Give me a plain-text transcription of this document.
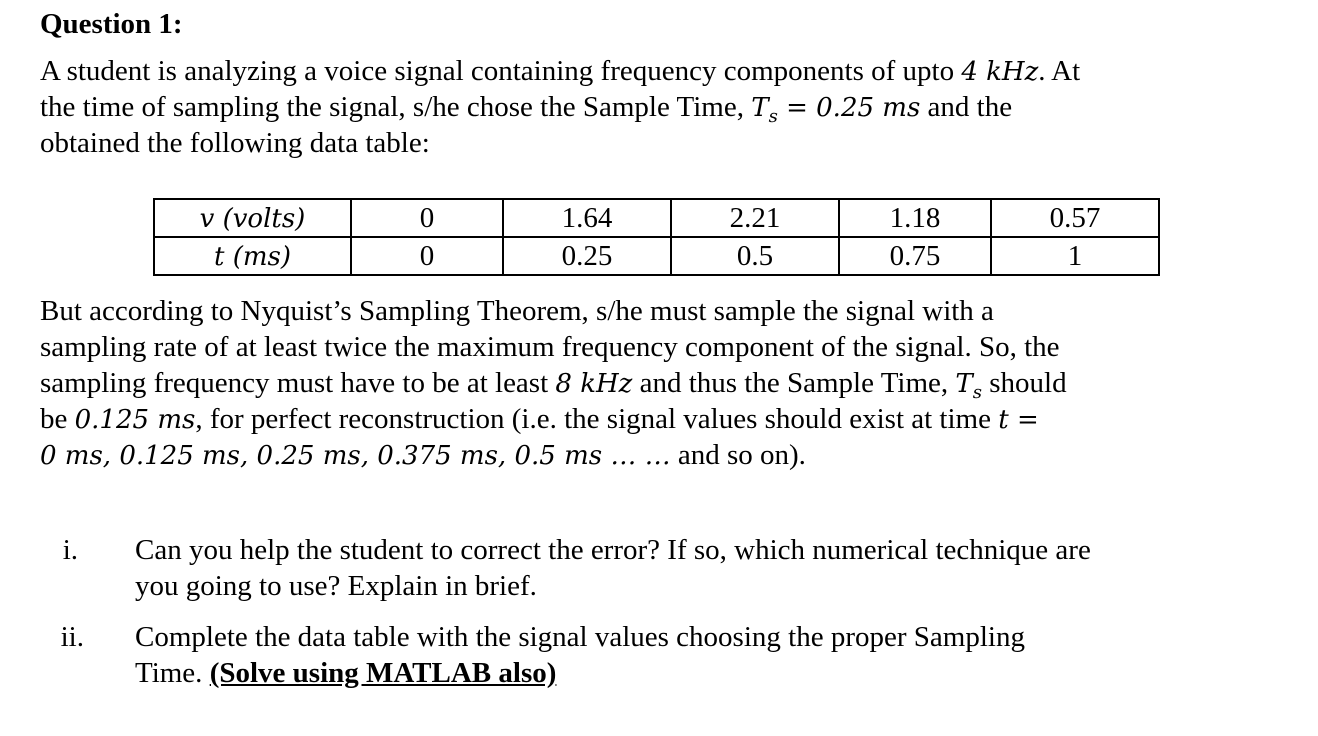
Question 1:
A student is analyzing a voice signal containing frequency components of upto 4 kHz. At
the time of sampling the signal, s/he chose the Sample Time, $T_s = 0.25$ ms and the
obtained the following data table:
v (volts)	0	1.64	2.21	1.18	0.57
t (ms)	0	0.25	0.5	0.75	1
But according to Nyquist’s Sampling Theorem, s/he must sample the signal with a
sampling rate of at least twice the maximum frequency component of the signal. So, the
sampling frequency must have to be at least 8 kHz and thus the Sample Time, $T_s$ should
be 0.125 ms, for perfect reconstruction (i.e. the signal values should exist at time t =
0 ms, 0.125 ms, 0.25 ms, 0.375 ms, 0.5 ms … … and so on).
i. Can you help the student to correct the error? If so, which numerical technique are
you going to use? Explain in brief.
ii. Complete the data table with the signal values choosing the proper Sampling
Time. (Solve using MATLAB also)
